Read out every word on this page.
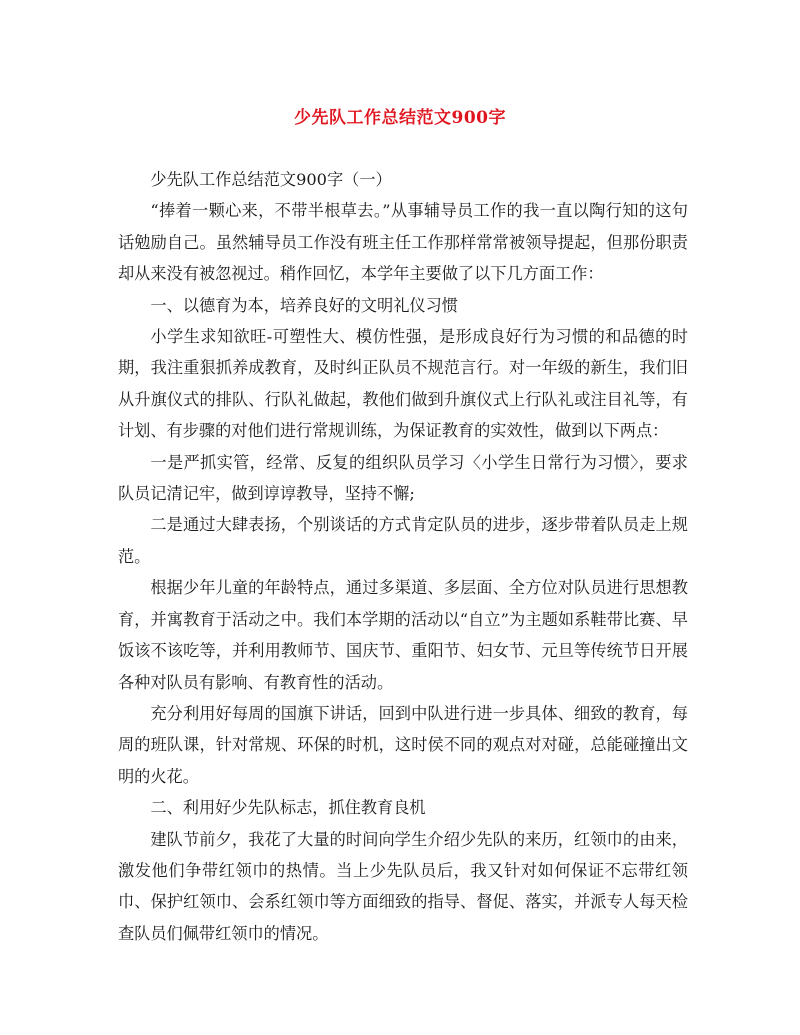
少先队工作总结范文900字

少先队工作总结范文900字（一）

“捧着一颗心来，不带半根草去。”从事辅导员工作的我一直以陶行知的这句话勉励自己。虽然辅导员工作没有班主任工作那样常常被领导提起，但那份职责却从来没有被忽视过。稍作回忆，本学年主要做了以下几方面工作：

一、以德育为本，培养良好的文明礼仪习惯

小学生求知欲旺-可塑性大、模仿性强，是形成良好行为习惯的和品德的时期，我注重狠抓养成教育，及时纠正队员不规范言行。对一年级的新生，我们旧从升旗仪式的排队、行队礼做起，教他们做到升旗仪式上行队礼或注目礼等，有计划、有步骤的对他们进行常规训练，为保证教育的实效性，做到以下两点：

一是严抓实管，经常、反复的组织队员学习〈小学生日常行为习惯〉，要求队员记清记牢，做到谆谆教导，坚持不懈;

二是通过大肆表扬，个别谈话的方式肯定队员的进步，逐步带着队员走上规范。

根据少年儿童的年龄特点，通过多渠道、多层面、全方位对队员进行思想教育，并寓教育于活动之中。我们本学期的活动以“自立”为主题如系鞋带比赛、早饭该不该吃等，并利用教师节、国庆节、重阳节、妇女节、元旦等传统节日开展各种对队员有影响、有教育性的活动。

充分利用好每周的国旗下讲话，回到中队进行进一步具体、细致的教育，每周的班队课，针对常规、环保的时机，这时侯不同的观点对对碰，总能碰撞出文明的火花。

二、利用好少先队标志，抓住教育良机

建队节前夕，我花了大量的时间向学生介绍少先队的来历，红领巾的由来，激发他们争带红领巾的热情。当上少先队员后，我又针对如何保证不忘带红领巾、保护红领巾、会系红领巾等方面细致的指导、督促、落实，并派专人每天检查队员们佩带红领巾的情况。
